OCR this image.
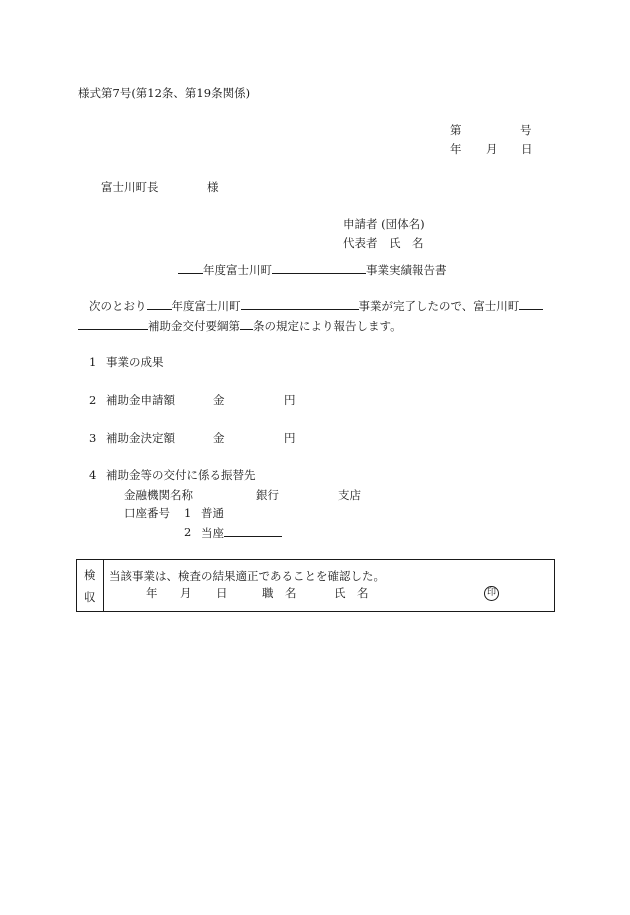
様式第7号(第12条、第19条関係)
第	号
年 月 日
富士川町長	様
申請者 (団体名)
代表者　氏　名
年度富士川町	事業実績報告書
次のとおり 年度富士川町	事業が完了したので、富士川町
補助金交付要綱第 条の規定により報告します。
1 事業の成果
2 補助金申請額	金	円
3 補助金決定額	金	円
4 補助金等の交付に係る振替先
金融機関名称	銀行	支店
口座番号 1 普通
2 当座
検
収
当該事業は、検査の結果適正であることを確認した。
年 月 日	職　名	氏　名	印
